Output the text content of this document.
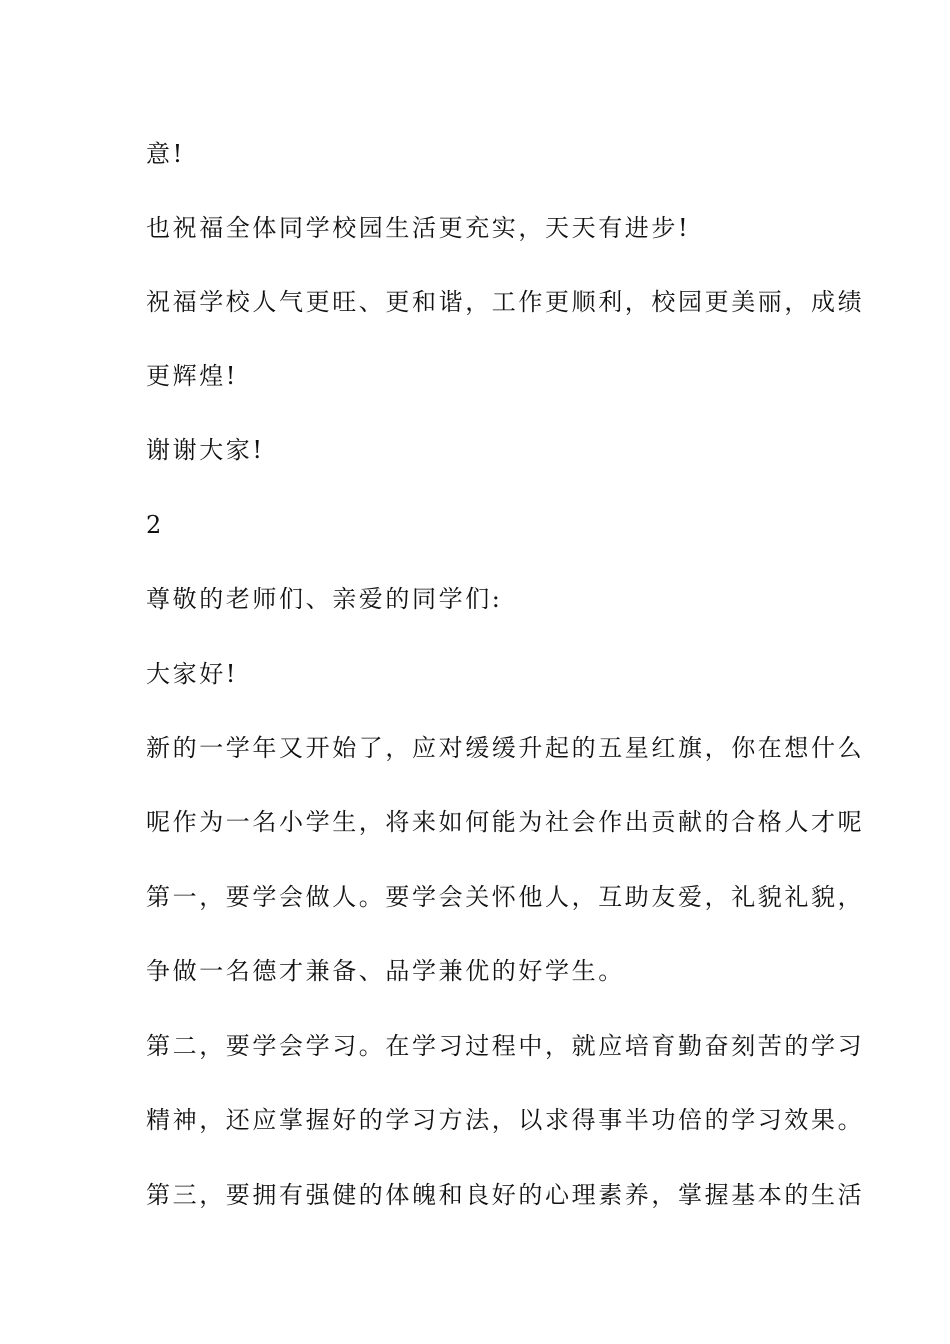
意!
也祝福全体同学校园生活更充实，天天有进步!
祝福学校人气更旺、更和谐，工作更顺利，校园更美丽，成绩
更辉煌!
谢谢大家!
2
尊敬的老师们、亲爱的同学们:
大家好!
新的一学年又开始了，应对缓缓升起的五星红旗，你在想什么
呢作为一名小学生，将来如何能为社会作出贡献的合格人才呢
第一，要学会做人。要学会关怀他人，互助友爱，礼貌礼貌，
争做一名德才兼备、品学兼优的好学生。
第二，要学会学习。在学习过程中，就应培育勤奋刻苦的学习
精神，还应掌握好的学习方法，以求得事半功倍的学习效果。
第三，要拥有强健的体魄和良好的心理素养，掌握基本的生活
